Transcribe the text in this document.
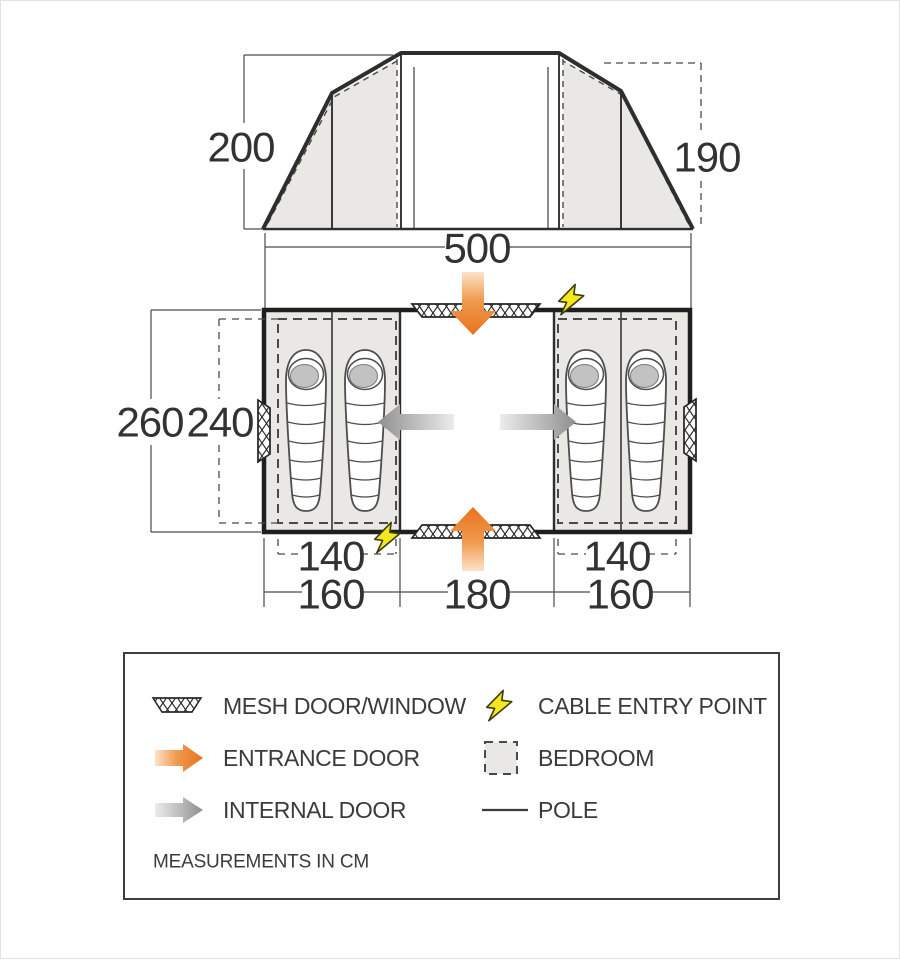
200	190
500
260 240
140	140
160 180 160
MESH DOOR/WINDOW	CABLE ENTRY POINT
ENTRANCE DOOR	BEDROOM
INTERNAL DOOR	POLE
MEASUREMENTS IN CM
